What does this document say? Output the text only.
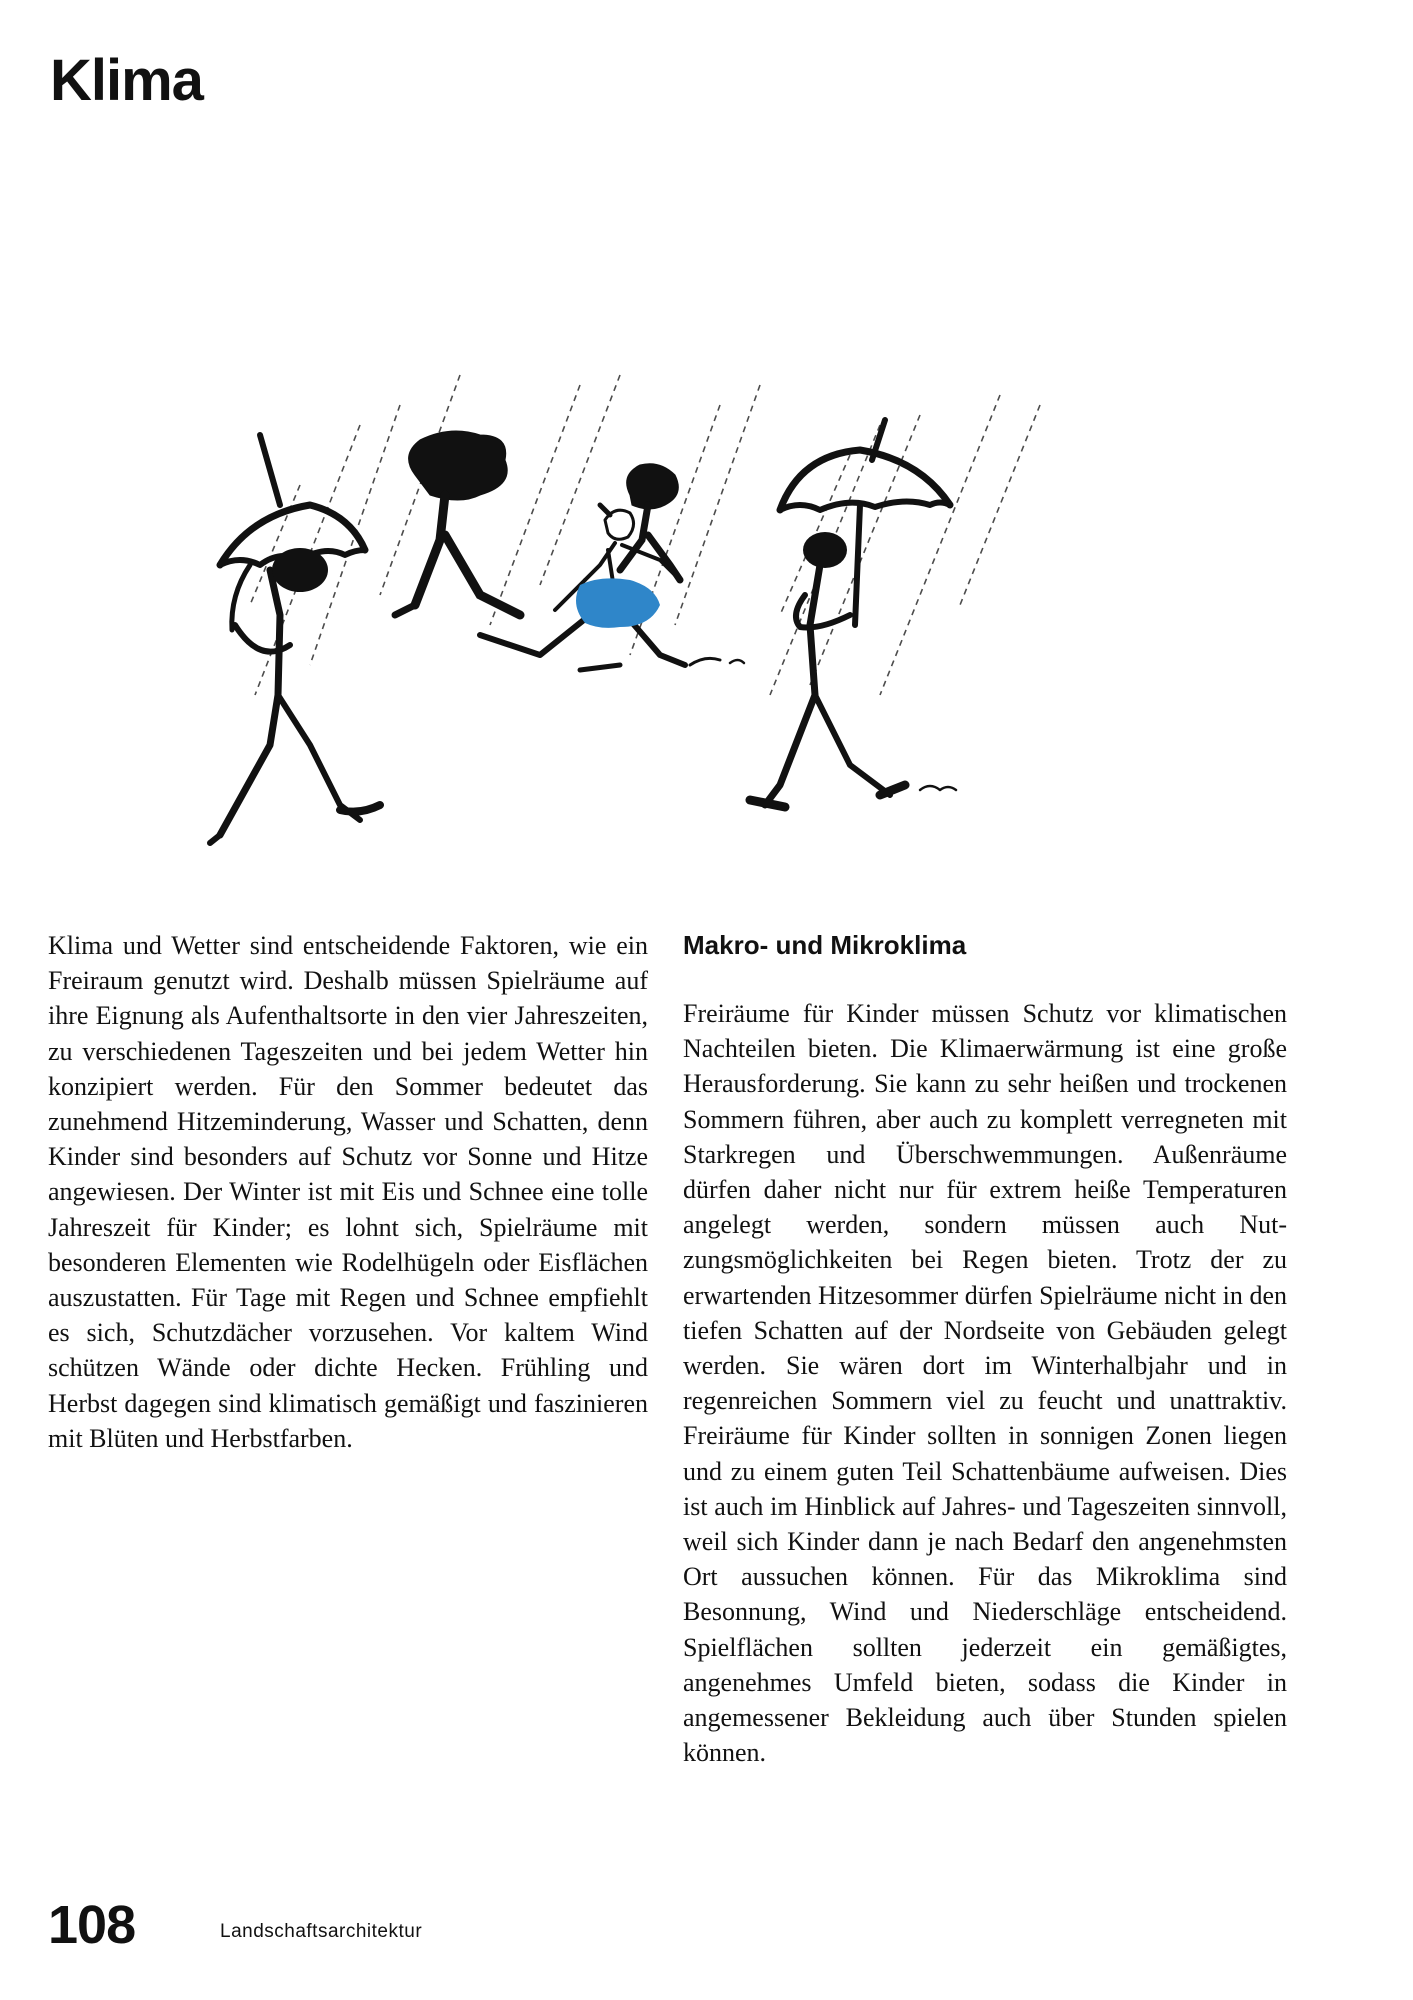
Klima

Klima und Wetter sind entscheidende Faktoren, wie ein Freiraum genutzt wird. Deshalb müssen Spielräume auf ihre Eignung als Aufenthaltsorte in den vier Jahreszeiten, zu verschiedenen Tageszeiten und bei jedem Wetter hin konzipiert werden. Für den Sommer bedeutet das zunehmend Hitzeminderung, Wasser und Schatten, denn Kinder sind besonders auf Schutz vor Sonne und Hitze angewiesen. Der Winter ist mit Eis und Schnee eine tolle Jahreszeit für Kinder; es lohnt sich, Spielräume mit besonderen Elementen wie Rodelhügeln oder Eisflächen auszustatten. Für Tage mit Regen und Schnee empfiehlt es sich, Schutzdächer vorzusehen. Vor kaltem Wind schützen Wände oder dichte Hecken. Frühling und Herbst dagegen sind klimatisch gemäßigt und faszinieren mit Blüten und Herbstfarben.

Makro- und Mikroklima

Freiräume für Kinder müssen Schutz vor klimatischen Nachteilen bieten. Die Klimaerwärmung ist eine große Herausforderung. Sie kann zu sehr heißen und trockenen Sommern führen, aber auch zu komplett verregneten mit Starkregen und Überschwemmungen. Außenräume dürfen daher nicht nur für extrem heiße Temperaturen angelegt werden, sondern müssen auch Nutzungsmöglichkeiten bei Regen bieten. Trotz der zu erwartenden Hitzesommer dürfen Spielräume nicht in den tiefen Schatten auf der Nordseite von Gebäuden gelegt werden. Sie wären dort im Winterhalbjahr und in regenreichen Sommern viel zu feucht und unattraktiv. Freiräume für Kinder sollten in sonnigen Zonen liegen und zu einem guten Teil Schattenbäume aufweisen. Dies ist auch im Hinblick auf Jahres- und Tageszeiten sinnvoll, weil sich Kinder dann je nach Bedarf den angenehmsten Ort aussuchen können. Für das Mikroklima sind Besonnung, Wind und Niederschläge entscheidend. Spielflächen sollten jederzeit ein gemäßigtes, angenehmes Umfeld bieten, sodass die Kinder in angemessener Bekleidung auch über Stunden spielen können.

108	Landschaftsarchitektur
